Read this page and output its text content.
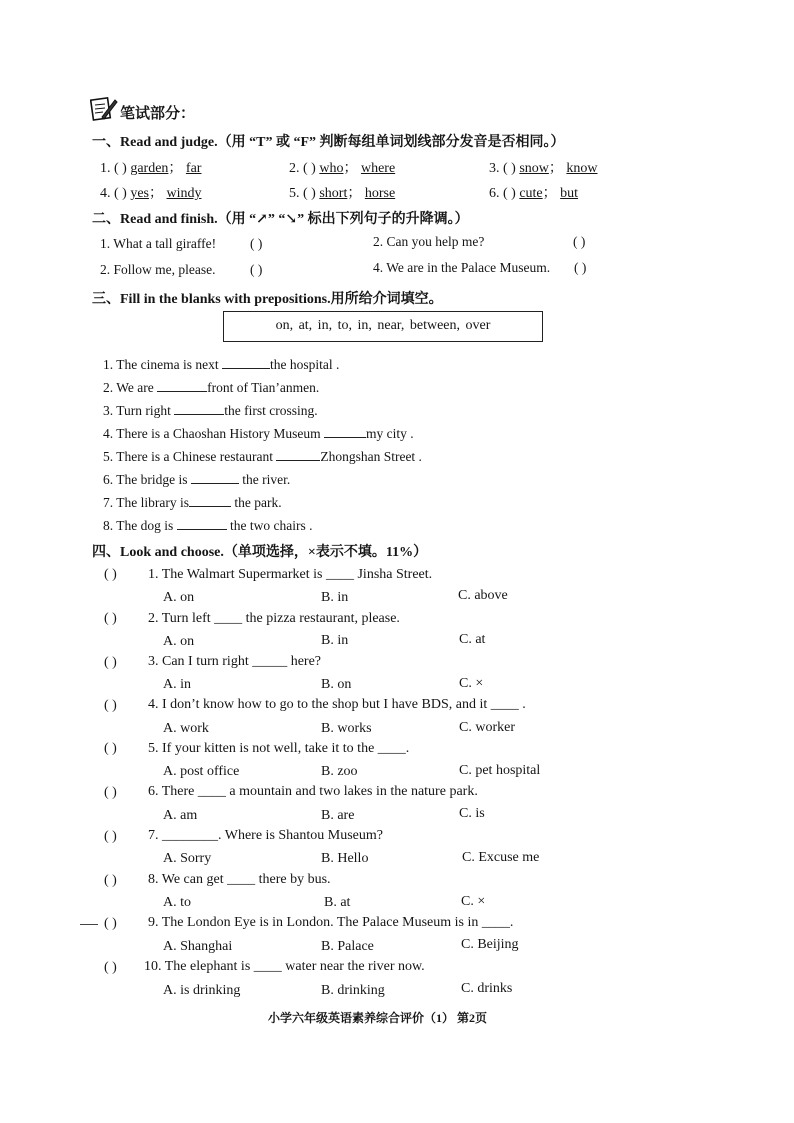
笔试部分：
一、Read and judge.（用 “T” 或 “F” 判断每组单词划线部分发音是否相同。）
1. ( ) garden； far	2. ( ) who； where	3. ( ) snow； know
4. ( ) yes； windy	5. ( ) short； horse	6. ( ) cute； but
二、Read and finish.（用 “↗” “↘” 标出下列句子的升降调。）
1. What a tall giraffe!	( )	2. Can you help me?	( )
2. Follow me, please.	( )	4. We are in the Palace Museum. ( )
三、Fill in the blanks with prepositions.用所给介词填空。
on, at, in, to, in, near, between, over
1. The cinema is next	the hospital .
2. We are	front of Tian’anmen.
3. Turn right	the first crossing.
4. There is a Chaoshan History Museum	my city .
5. There is a Chinese restaurant	Zhongshan Street .
6. The bridge is	the river.
7. The library is	the park.
8. The dog is	the two chairs .
四、Look and choose.（单项选择，×表示不填。11%）
( ) 1. The Walmart Supermarket is ____ Jinsha Street.
A. on	B. in	C. above
( ) 2. Turn left ____ the pizza restaurant, please.
A. on	B. in	C. at
( ) 3. Can I turn right _____ here?
A. in	B. on	C. ×
( ) 4. I don’t know how to go to the shop but I have BDS, and it ____ .
A. work	B. works	C. worker
( ) 5. If your kitten is not well, take it to the ____.
A. post office	B. zoo	C. pet hospital
( ) 6. There ____ a mountain and two lakes in the nature park.
A. am	B. are	C. is
( ) 7. ________. Where is Shantou Museum?
A. Sorry	B. Hello	C. Excuse me
( ) 8. We can get ____ there by bus.
A. to	B. at	C. ×
( ) 9. The London Eye is in London. The Palace Museum is in ____.
A. Shanghai	B. Palace	C. Beijing
( ) 10. The elephant is ____ water near the river now.
A. is drinking	B. drinking	C. drinks
小学六年级英语素养综合评价（1） 第2页
